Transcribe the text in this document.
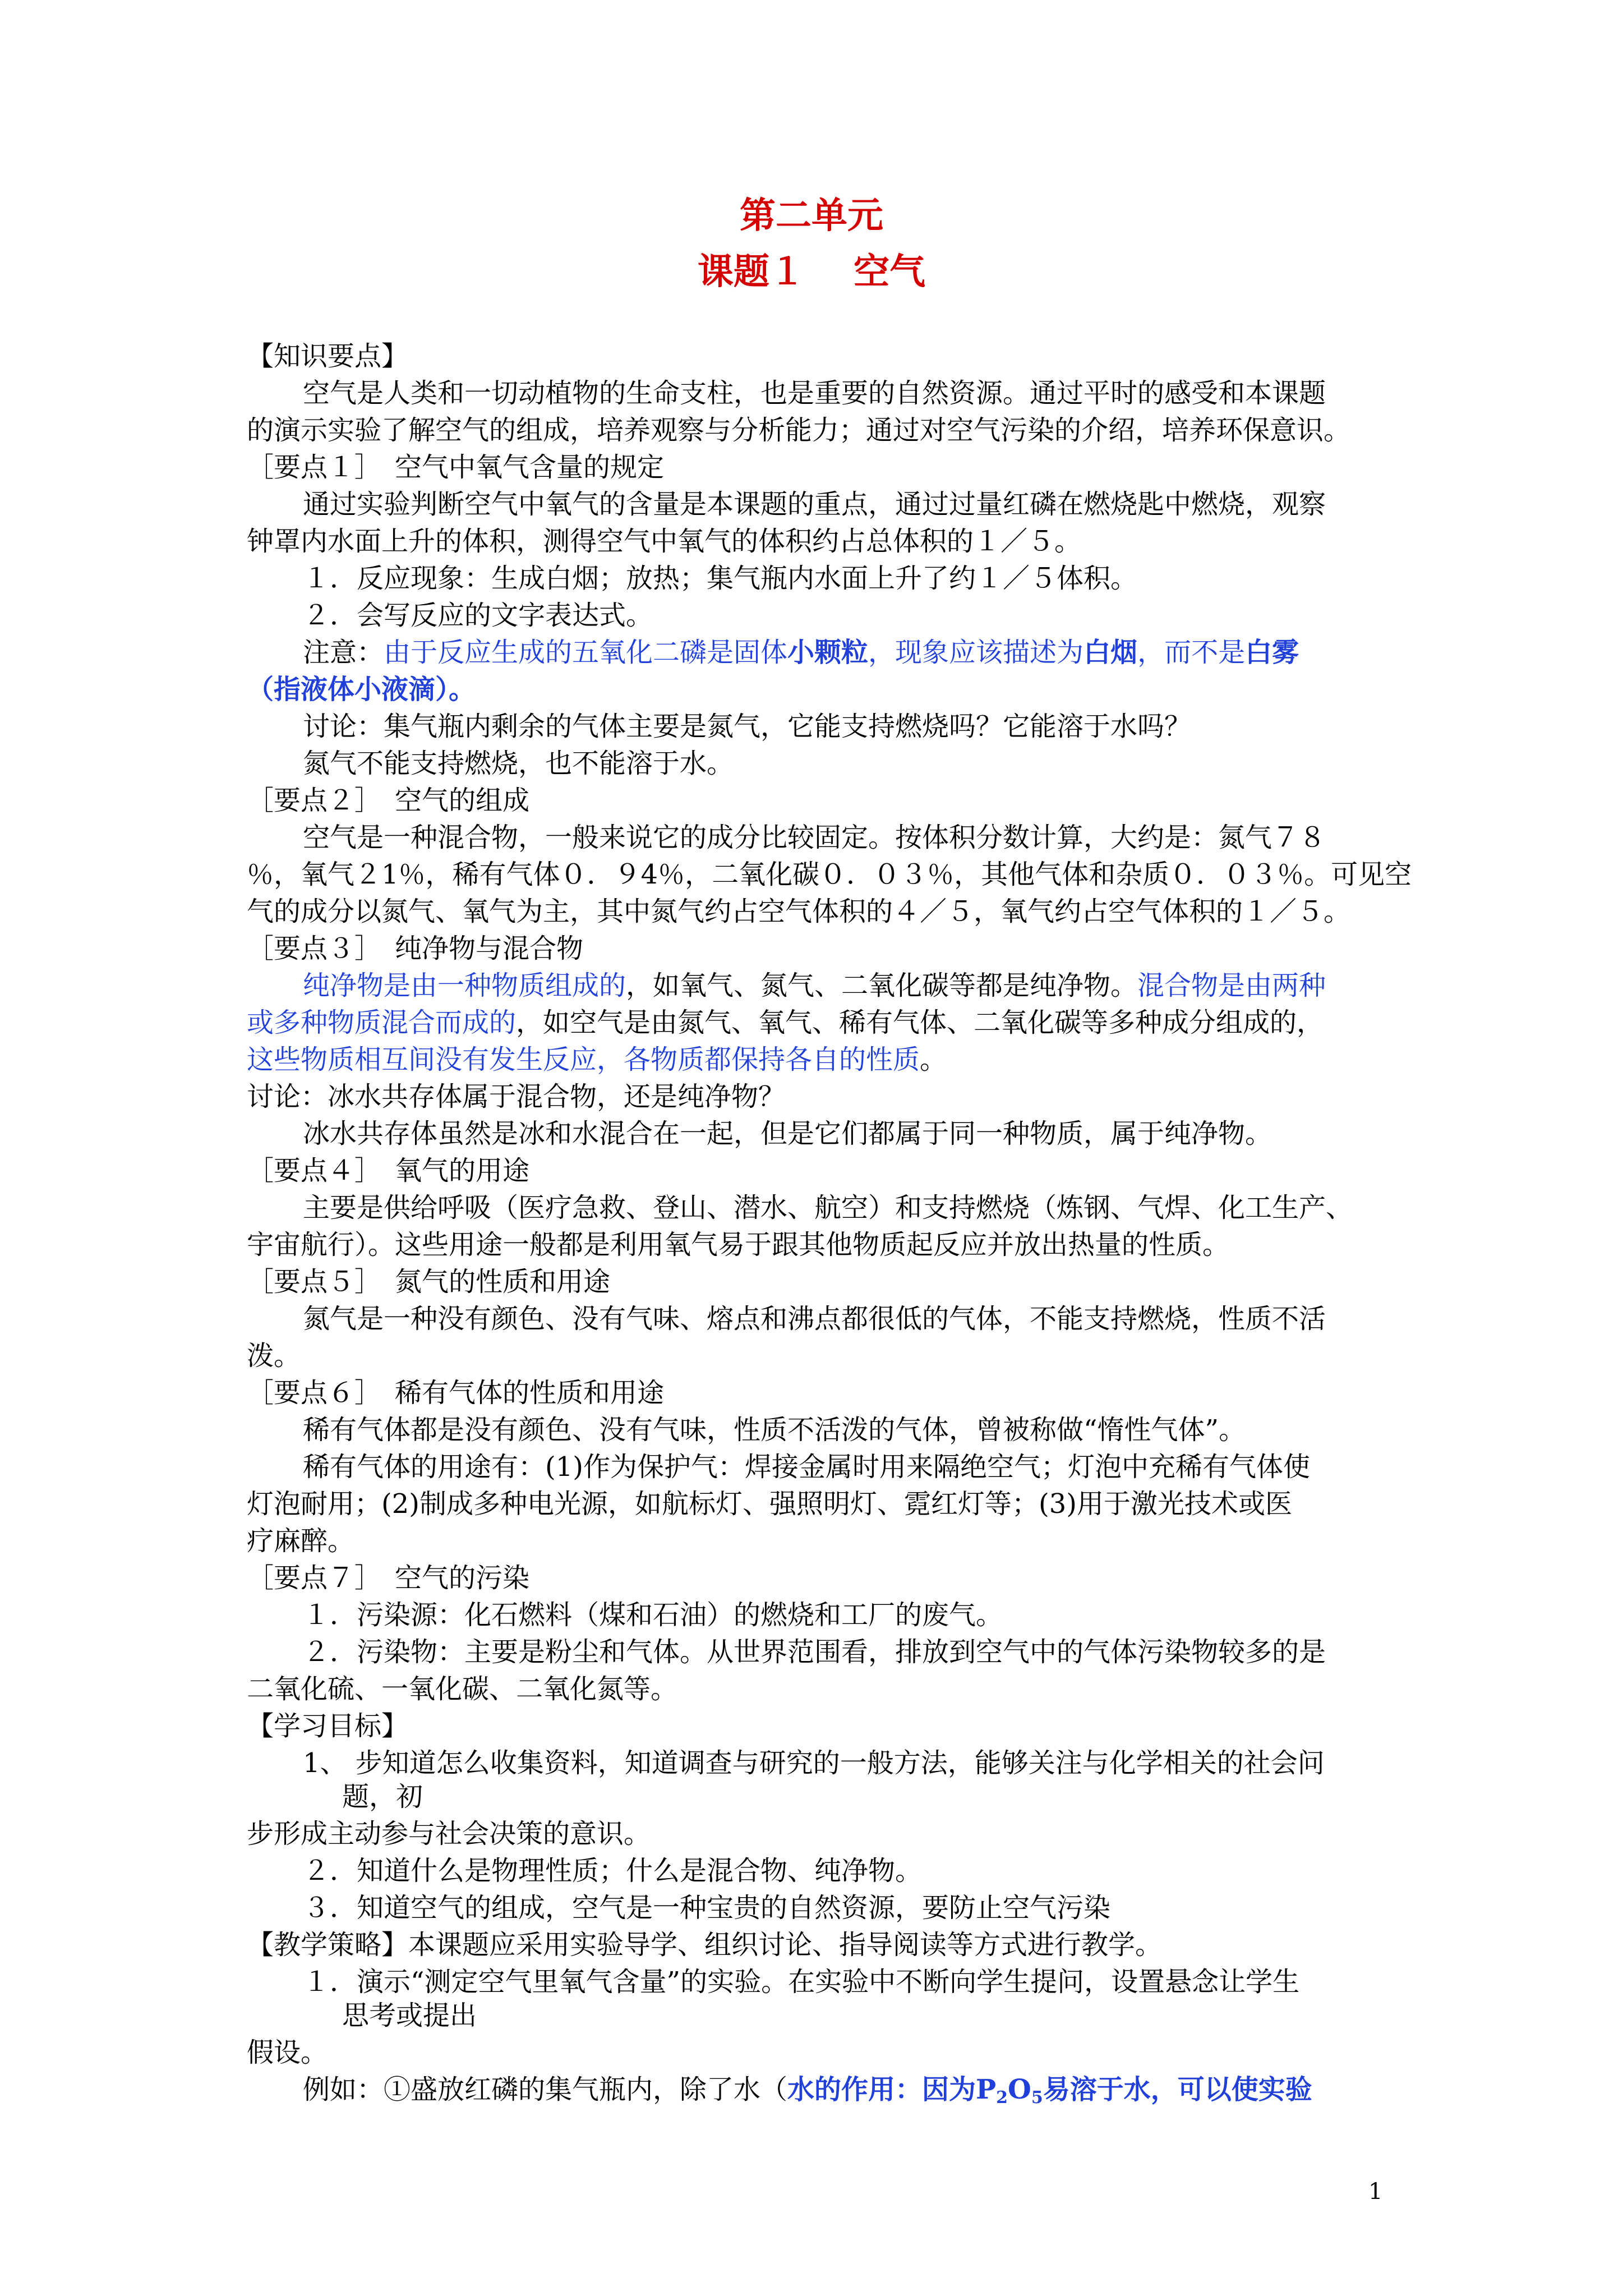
第二单元
课题１　 空气
【知识要点】
空气是人类和一切动植物的生命支柱，也是重要的自然资源。通过平时的感受和本课题
的演示实验了解空气的组成，培养观察与分析能力；通过对空气污染的介绍，培养环保意识。
［要点１］　空气中氧气含量的规定
通过实验判断空气中氧气的含量是本课题的重点，通过过量红磷在燃烧匙中燃烧，观察
钟罩内水面上升的体积，测得空气中氧气的体积约占总体积的１／５。
１．反应现象：生成白烟；放热；集气瓶内水面上升了约１／５体积。
２．会写反应的文字表达式。
注意：由于反应生成的五氧化二磷是固体小颗粒，现象应该描述为白烟，而不是白雾
（指液体小液滴）。
讨论：集气瓶内剩余的气体主要是氮气，它能支持燃烧吗？它能溶于水吗？
氮气不能支持燃烧，也不能溶于水。
［要点２］　空气的组成
空气是一种混合物，一般来说它的成分比较固定。按体积分数计算，大约是：氮气７８
％，氧气２1％，稀有气体０．９4％，二氧化碳０．０３％，其他气体和杂质０．０３％。可见空
气的成分以氮气、氧气为主，其中氮气约占空气体积的４／５，氧气约占空气体积的１／５。
［要点３］　纯净物与混合物
纯净物是由一种物质组成的，如氧气、氮气、二氧化碳等都是纯净物。混合物是由两种
或多种物质混合而成的，如空气是由氮气、氧气、稀有气体、二氧化碳等多种成分组成的，
这些物质相互间没有发生反应，各物质都保持各自的性质。
讨论：冰水共存体属于混合物，还是纯净物？
冰水共存体虽然是冰和水混合在一起，但是它们都属于同一种物质，属于纯净物。
［要点４］　氧气的用途
主要是供给呼吸（医疗急救、登山、潜水、航空）和支持燃烧（炼钢、气焊、化工生产、
宇宙航行）。这些用途一般都是利用氧气易于跟其他物质起反应并放出热量的性质。
［要点５］　氮气的性质和用途
氮气是一种没有颜色、没有气味、熔点和沸点都很低的气体，不能支持燃烧，性质不活
泼。
［要点６］　稀有气体的性质和用途
稀有气体都是没有颜色、没有气味，性质不活泼的气体，曾被称做“惰性气体”。
稀有气体的用途有：(1)作为保护气：焊接金属时用来隔绝空气；灯泡中充稀有气体使
灯泡耐用；(2)制成多种电光源，如航标灯、强照明灯、霓红灯等；(3)用于激光技术或医
疗麻醉。
［要点７］　空气的污染
１．污染源：化石燃料（煤和石油）的燃烧和工厂的废气。
２．污染物：主要是粉尘和气体。从世界范围看，排放到空气中的气体污染物较多的是
二氧化硫、一氧化碳、二氧化氮等。
【学习目标】
1、 步知道怎么收集资料，知道调查与研究的一般方法，能够关注与化学相关的社会问
题，初
步形成主动参与社会决策的意识。
２．知道什么是物理性质；什么是混合物、纯净物。
３．知道空气的组成，空气是一种宝贵的自然资源，要防止空气污染
【教学策略】本课题应采用实验导学、组织讨论、指导阅读等方式进行教学。
１．演示“测定空气里氧气含量”的实验。在实验中不断向学生提问，设置悬念让学生
思考或提出
假设。
例如：①盛放红磷的集气瓶内，除了水（水的作用：因为$P_2O_5$易溶于水，可以使实验
1
